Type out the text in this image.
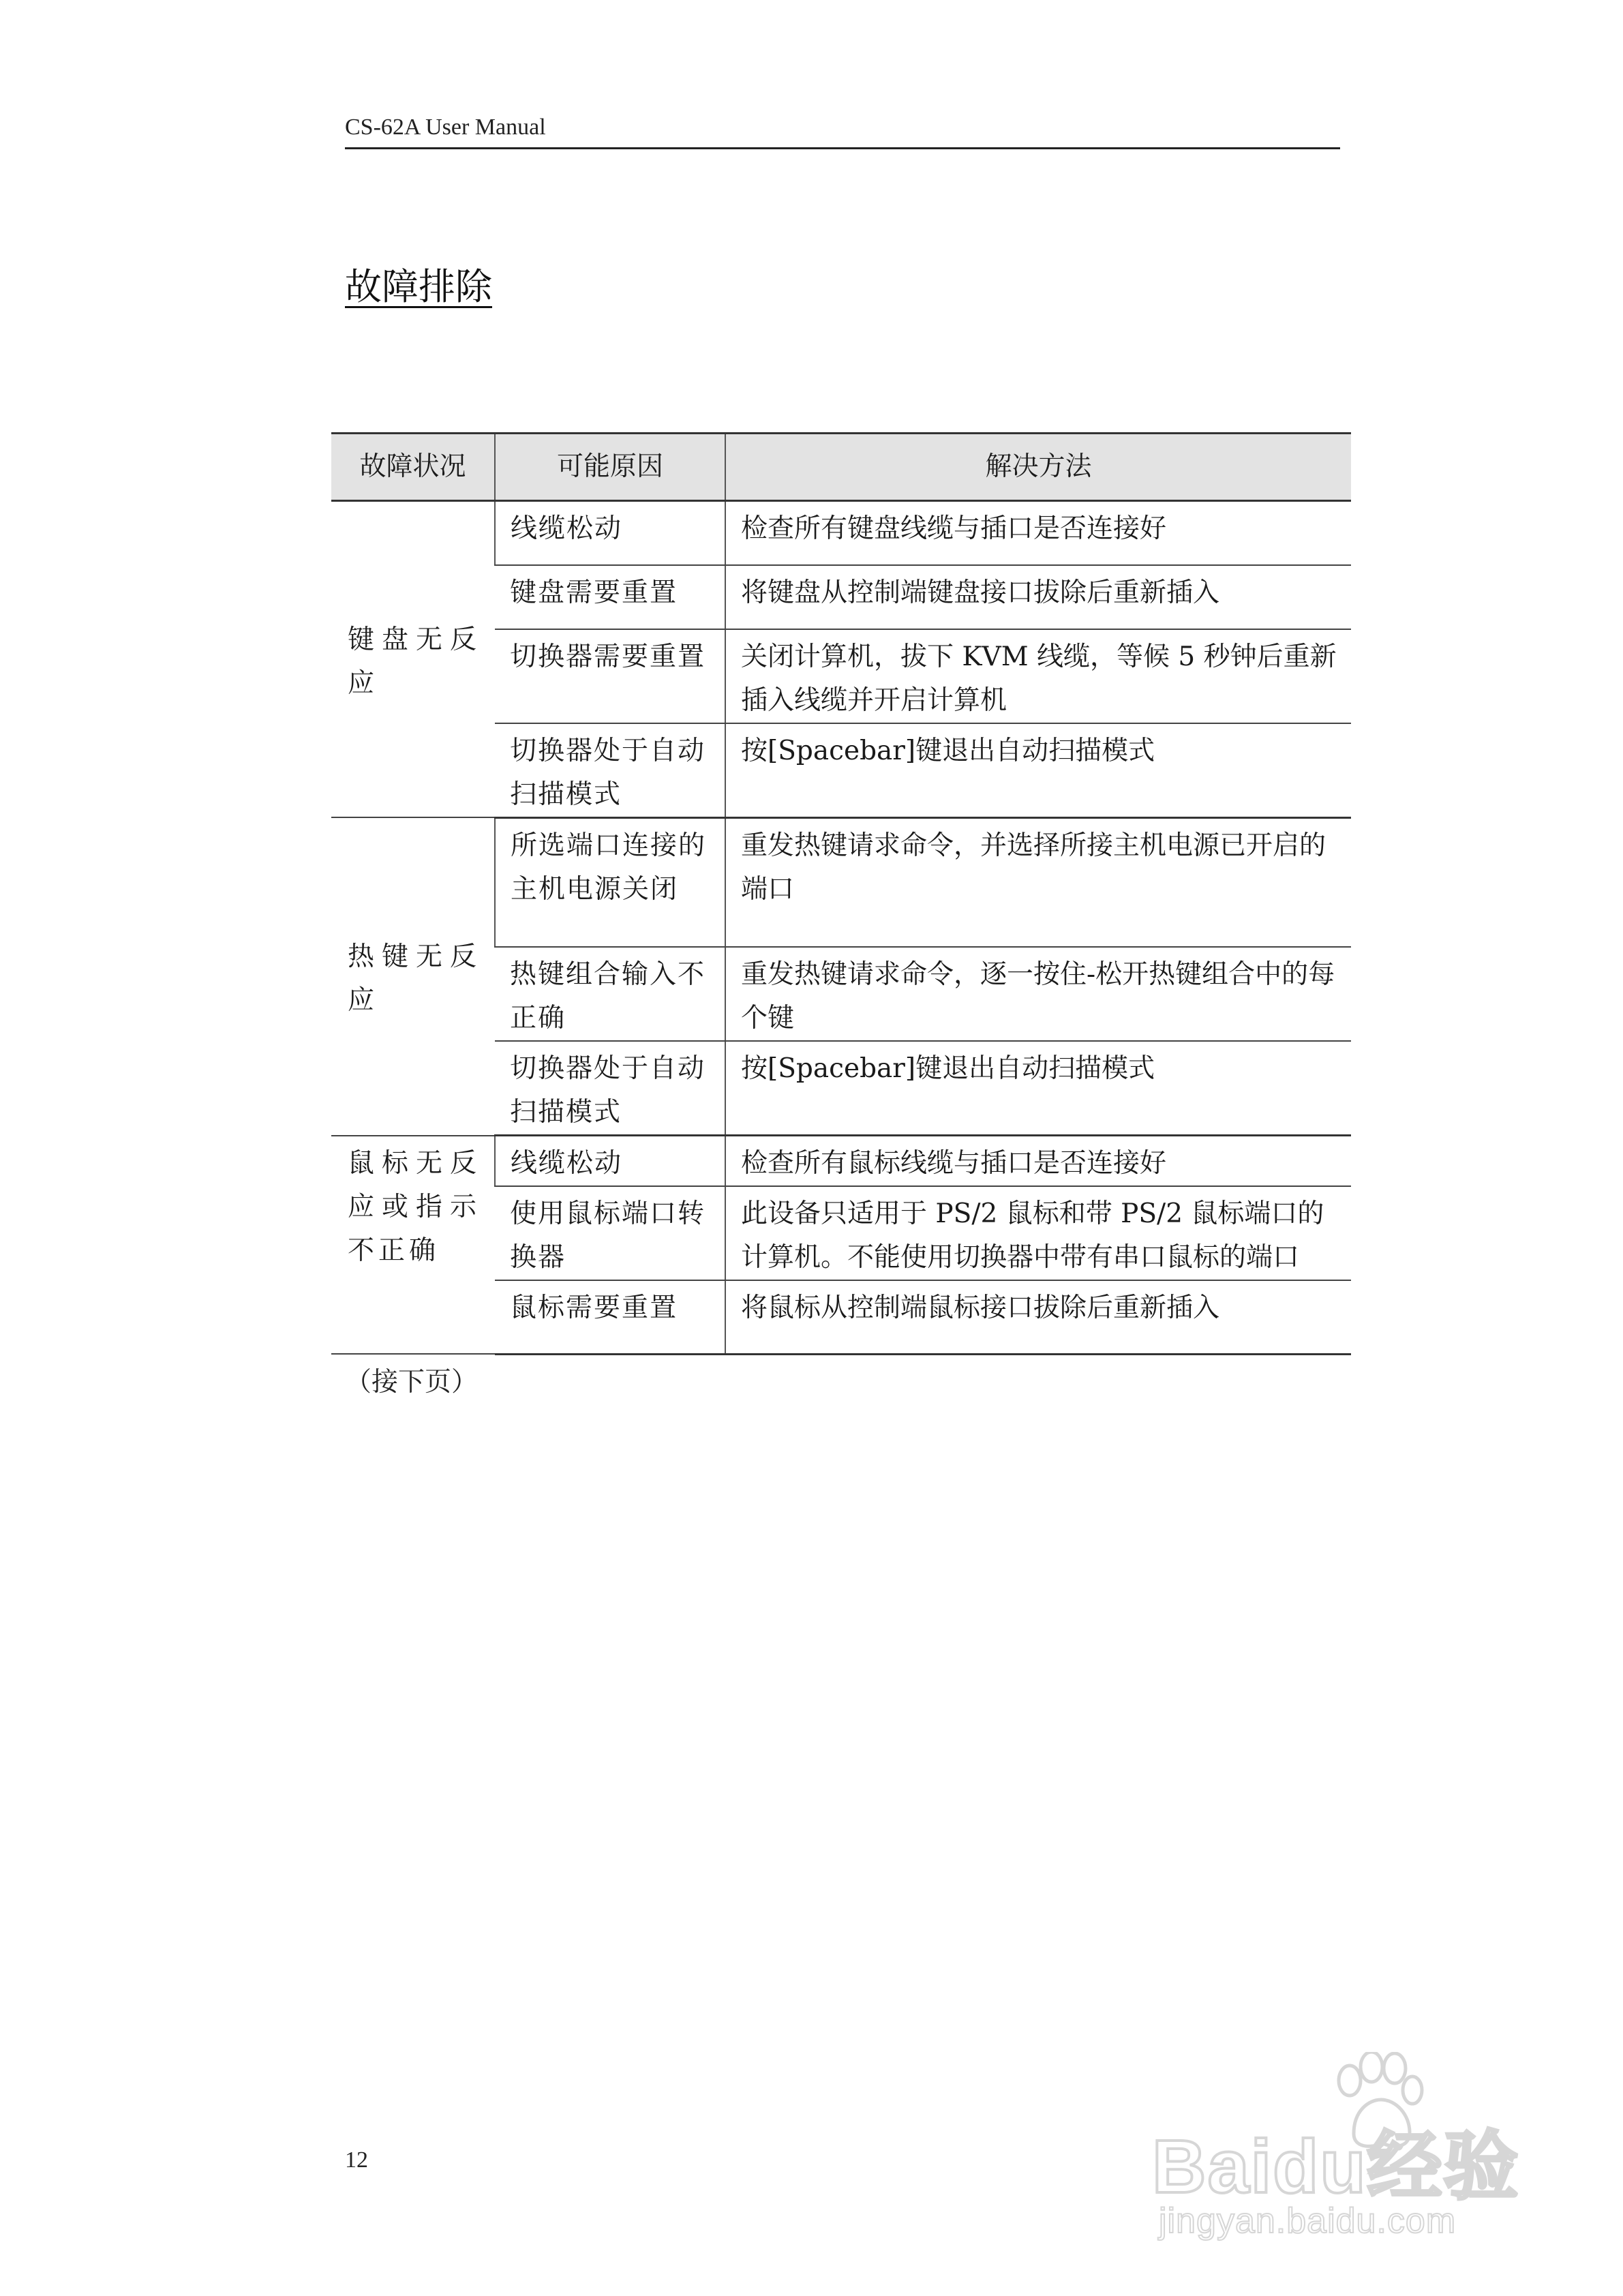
CS-62A User Manual
故障排除
故障状况	可能原因	解决方法
键盘无反应	线缆松动	检查所有键盘线缆与插口是否连接好
	键盘需要重置	将键盘从控制端键盘接口拔除后重新插入
	切换器需要重置	关闭计算机，拔下 KVM 线缆，等候 5 秒钟后重新插入线缆并开启计算机
	切换器处于自动扫描模式	按[Spacebar]键退出自动扫描模式
热键无反应	所选端口连接的主机电源关闭	重发热键请求命令，并选择所接主机电源已开启的端口
	热键组合输入不正确	重发热键请求命令，逐一按住-松开热键组合中的每个键
	切换器处于自动扫描模式	按[Spacebar]键退出自动扫描模式
鼠标无反应或指示不正确	线缆松动	检查所有鼠标线缆与插口是否连接好
	使用鼠标端口转换器	此设备只适用于 PS/2 鼠标和带 PS/2 鼠标端口的计算机。不能使用切换器中带有串口鼠标的端口
	鼠标需要重置	将鼠标从控制端鼠标接口拔除后重新插入
（接下页）
12	Baidu经验
jingyan.baidu.com
